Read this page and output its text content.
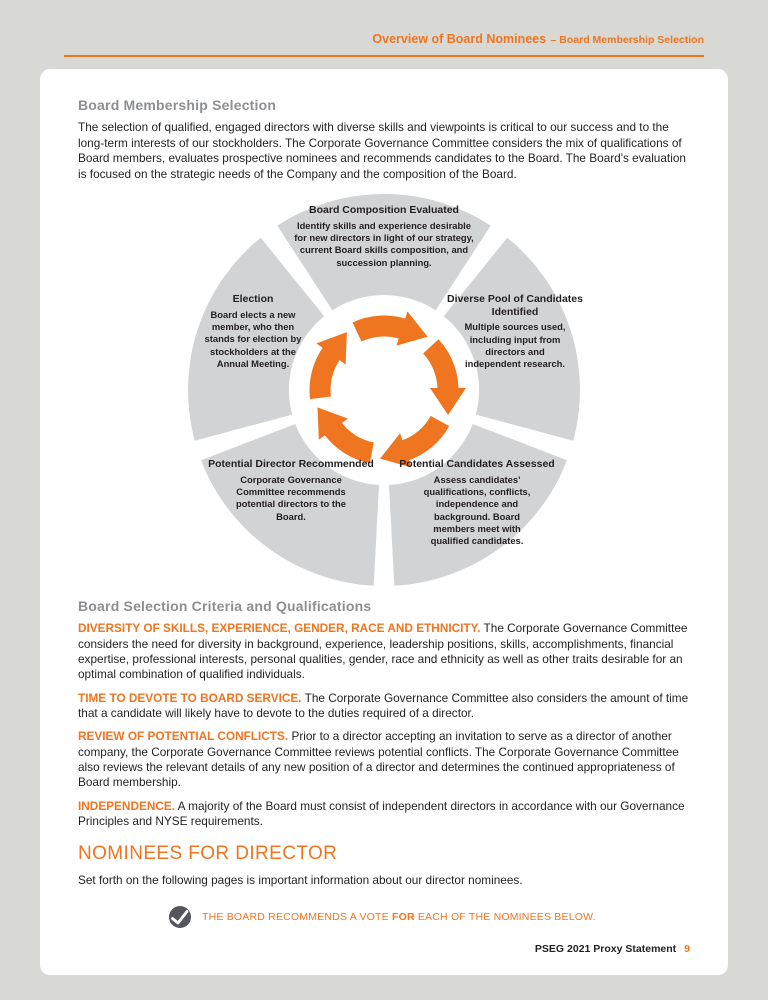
Overview of Board Nominees – Board Membership Selection
Board Membership Selection

The selection of qualified, engaged directors with diverse skills and viewpoints is critical to our success and to the long-term interests of our stockholders. The Corporate Governance Committee considers the mix of qualifications of Board members, evaluates prospective nominees and recommends candidates to the Board. The Board's evaluation is focused on the strategic needs of the Company and the composition of the Board.

Board Composition Evaluated
Identify skills and experience desirable for new directors in light of our strategy, current Board skills composition, and succession planning.
Diverse Pool of Candidates Identified
Multiple sources used, including input from directors and independent research.
Potential Candidates Assessed
Assess candidates' qualifications, conflicts, independence and background. Board members meet with qualified candidates.
Potential Director Recommended
Corporate Governance Committee recommends potential directors to the Board.
Election
Board elects a new member, who then stands for election by stockholders at the Annual Meeting.
Board Selection Criteria and Qualifications

DIVERSITY OF SKILLS, EXPERIENCE, GENDER, RACE AND ETHNICITY. The Corporate Governance Committee considers the need for diversity in background, experience, leadership positions, skills, accomplishments, financial expertise, professional interests, personal qualities, gender, race and ethnicity as well as other traits desirable for an optimal combination of qualified individuals.

TIME TO DEVOTE TO BOARD SERVICE. The Corporate Governance Committee also considers the amount of time that a candidate will likely have to devote to the duties required of a director.

REVIEW OF POTENTIAL CONFLICTS. Prior to a director accepting an invitation to serve as a director of another company, the Corporate Governance Committee reviews potential conflicts. The Corporate Governance Committee also reviews the relevant details of any new position of a director and determines the continued appropriateness of Board membership.

INDEPENDENCE. A majority of the Board must consist of independent directors in accordance with our Governance Principles and NYSE requirements.

NOMINEES FOR DIRECTOR

Set forth on the following pages is important information about our director nominees.

THE BOARD RECOMMENDS A VOTE FOR EACH OF THE NOMINEES BELOW.
PSEG 2021 Proxy Statement 9
